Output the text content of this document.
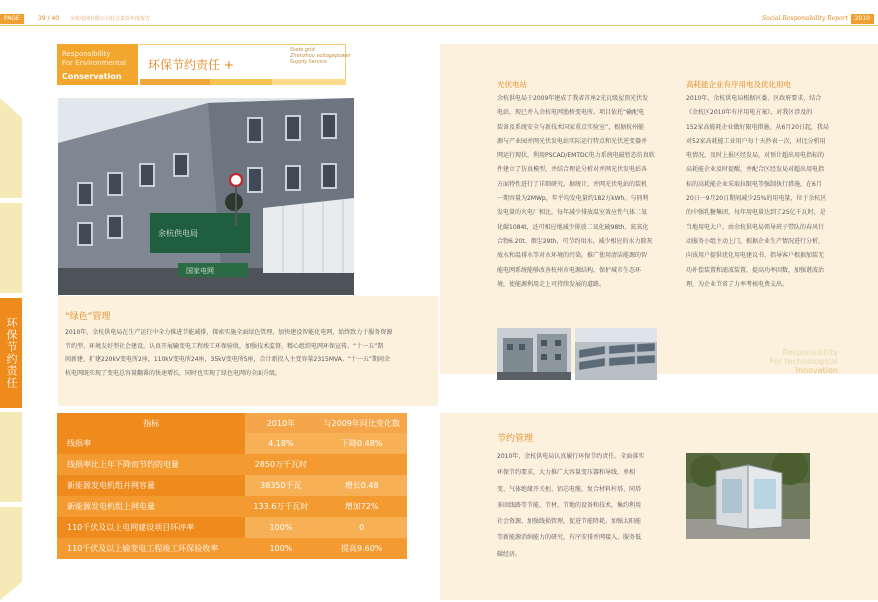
PAGE	39 / 40 余杭电网有限公司社会责任年度报告	Social Responsibility Report	2010
环保节约责任
Responsibility
For Environmental
Conservation
环保节约责任 +
State grid
Zhenzhou voltagepower
Supply Service
余杭供电局
国家电网
“绿色”管理
2010年，余杭供电局在生产运行中全力推进节能减排，探索实施全面绿色管理，加快建设智能化电网，始终致力于服务资源
节约型、环境友好型社会建设。认真开展输变电工程竣工环保验收，加强技术监督，精心组织电网环保宣传。“十一五”期
间新建、扩建220kV变电所2座，110kV变电所24座，35kV变电所5座，合计新投入主变容量2315MVA。“十一五”期间余
杭电网既实现了变电总容量翻番的快速增长，同时也实现了绿色电网的全面升级。
指标	2010年	与2009年同比变化数
线损率	4.18%	下降0.48%
线损率比上年下降而节约的电量	2850万千瓦时	
新能源发电机组并网容量	38350千瓦	增长0.48
新能源发电机组上网电量	133.6万千瓦时	增加72%
110千伏及以上电网建设项目环评率	100%	0
110千伏及以上输变电工程竣工环保验收率	100%	提高9.60%
光伏电站
余杭供电局于2009年建成了我省首座2光瓦级屋顶光伏发
电站，现已并入余杭电网渔桥变电所。项目依托“输配电
装备及系统安全与新技术国家重点实验室”，根据杭州能
源与产业园并网光伏发电站实际运行特点和光伏逆变器并
网运行现状，利用PSCAD/EMTDC电力系统电磁暂态仿真软
件建立了仿真模型，并结合理论分析对并网光伏发电站各
方面特性进行了详细研究。据统计，并网光伏电站的装机
一期容量为2MWp，年平均发电量约182万kWh。与同利
发电量的火电厂相比，每年减少排放温室效应性气体二氧
化碳1084t，还可相应地减少排放二氧化硫98th、氮氧化
合物6.20t、烟尘29th，可节约用水，减少相应的水力除灰
废水和温排水等对水环境的污染。推广使用清洁能源的智
能电网系统能够改善杭州市电源结构，保护城市生态环
境，使能源利用走上可持续发展的道路。
高耗能企业有序用电及优化用电
2010年，余杭供电局根据区委、区政府要求，结合
《余杭区2010年有序用电方案》，对我区涉及的
152家高能耗企业做好限电措施。从6月20日起，我局
对52家高耗能工业用户每十天抄表一次，对比分析用
电情况，及时上报区经发局，对预计超出用电指标的
高耗能企业及时提醒，并配合区经发局对超出用电指
标的高耗能企业采取拉限电等强制执行措施，在6月
20日一9月20日期间减少25%的用电量，位于余杭区
的中强乳糖集团，每年用电量达到了25亿千瓦时，是
当地用电大户。由余杭供电局领导班子带队的春风行
动服务小组主动上门，根据企业生产情况进行分析，
向该用户提供优化用电建议书，指导客户根据加装无
功补偿装置和滤波装置，提高功率因数，加强谐波治
理，为企业节省了力率考核电费支出。
Responsibility
For technological
Innovation
节约管理
2010年，余杭供电局认真履行环保节约责任。全面落实
环保节约要求，大力推广大容量变压器和导线、单相
变、气体绝缘开关柜、铝芯电缆、复合材料杆塔、同塔
多回线路等节能、节材、节地的设备和技术，集约利用
社会资源、加强线损管理，促进节能降耗。加强太阳能
等新能源消纳能力的研究，有序安排并网接入、服务低
碳经济。
